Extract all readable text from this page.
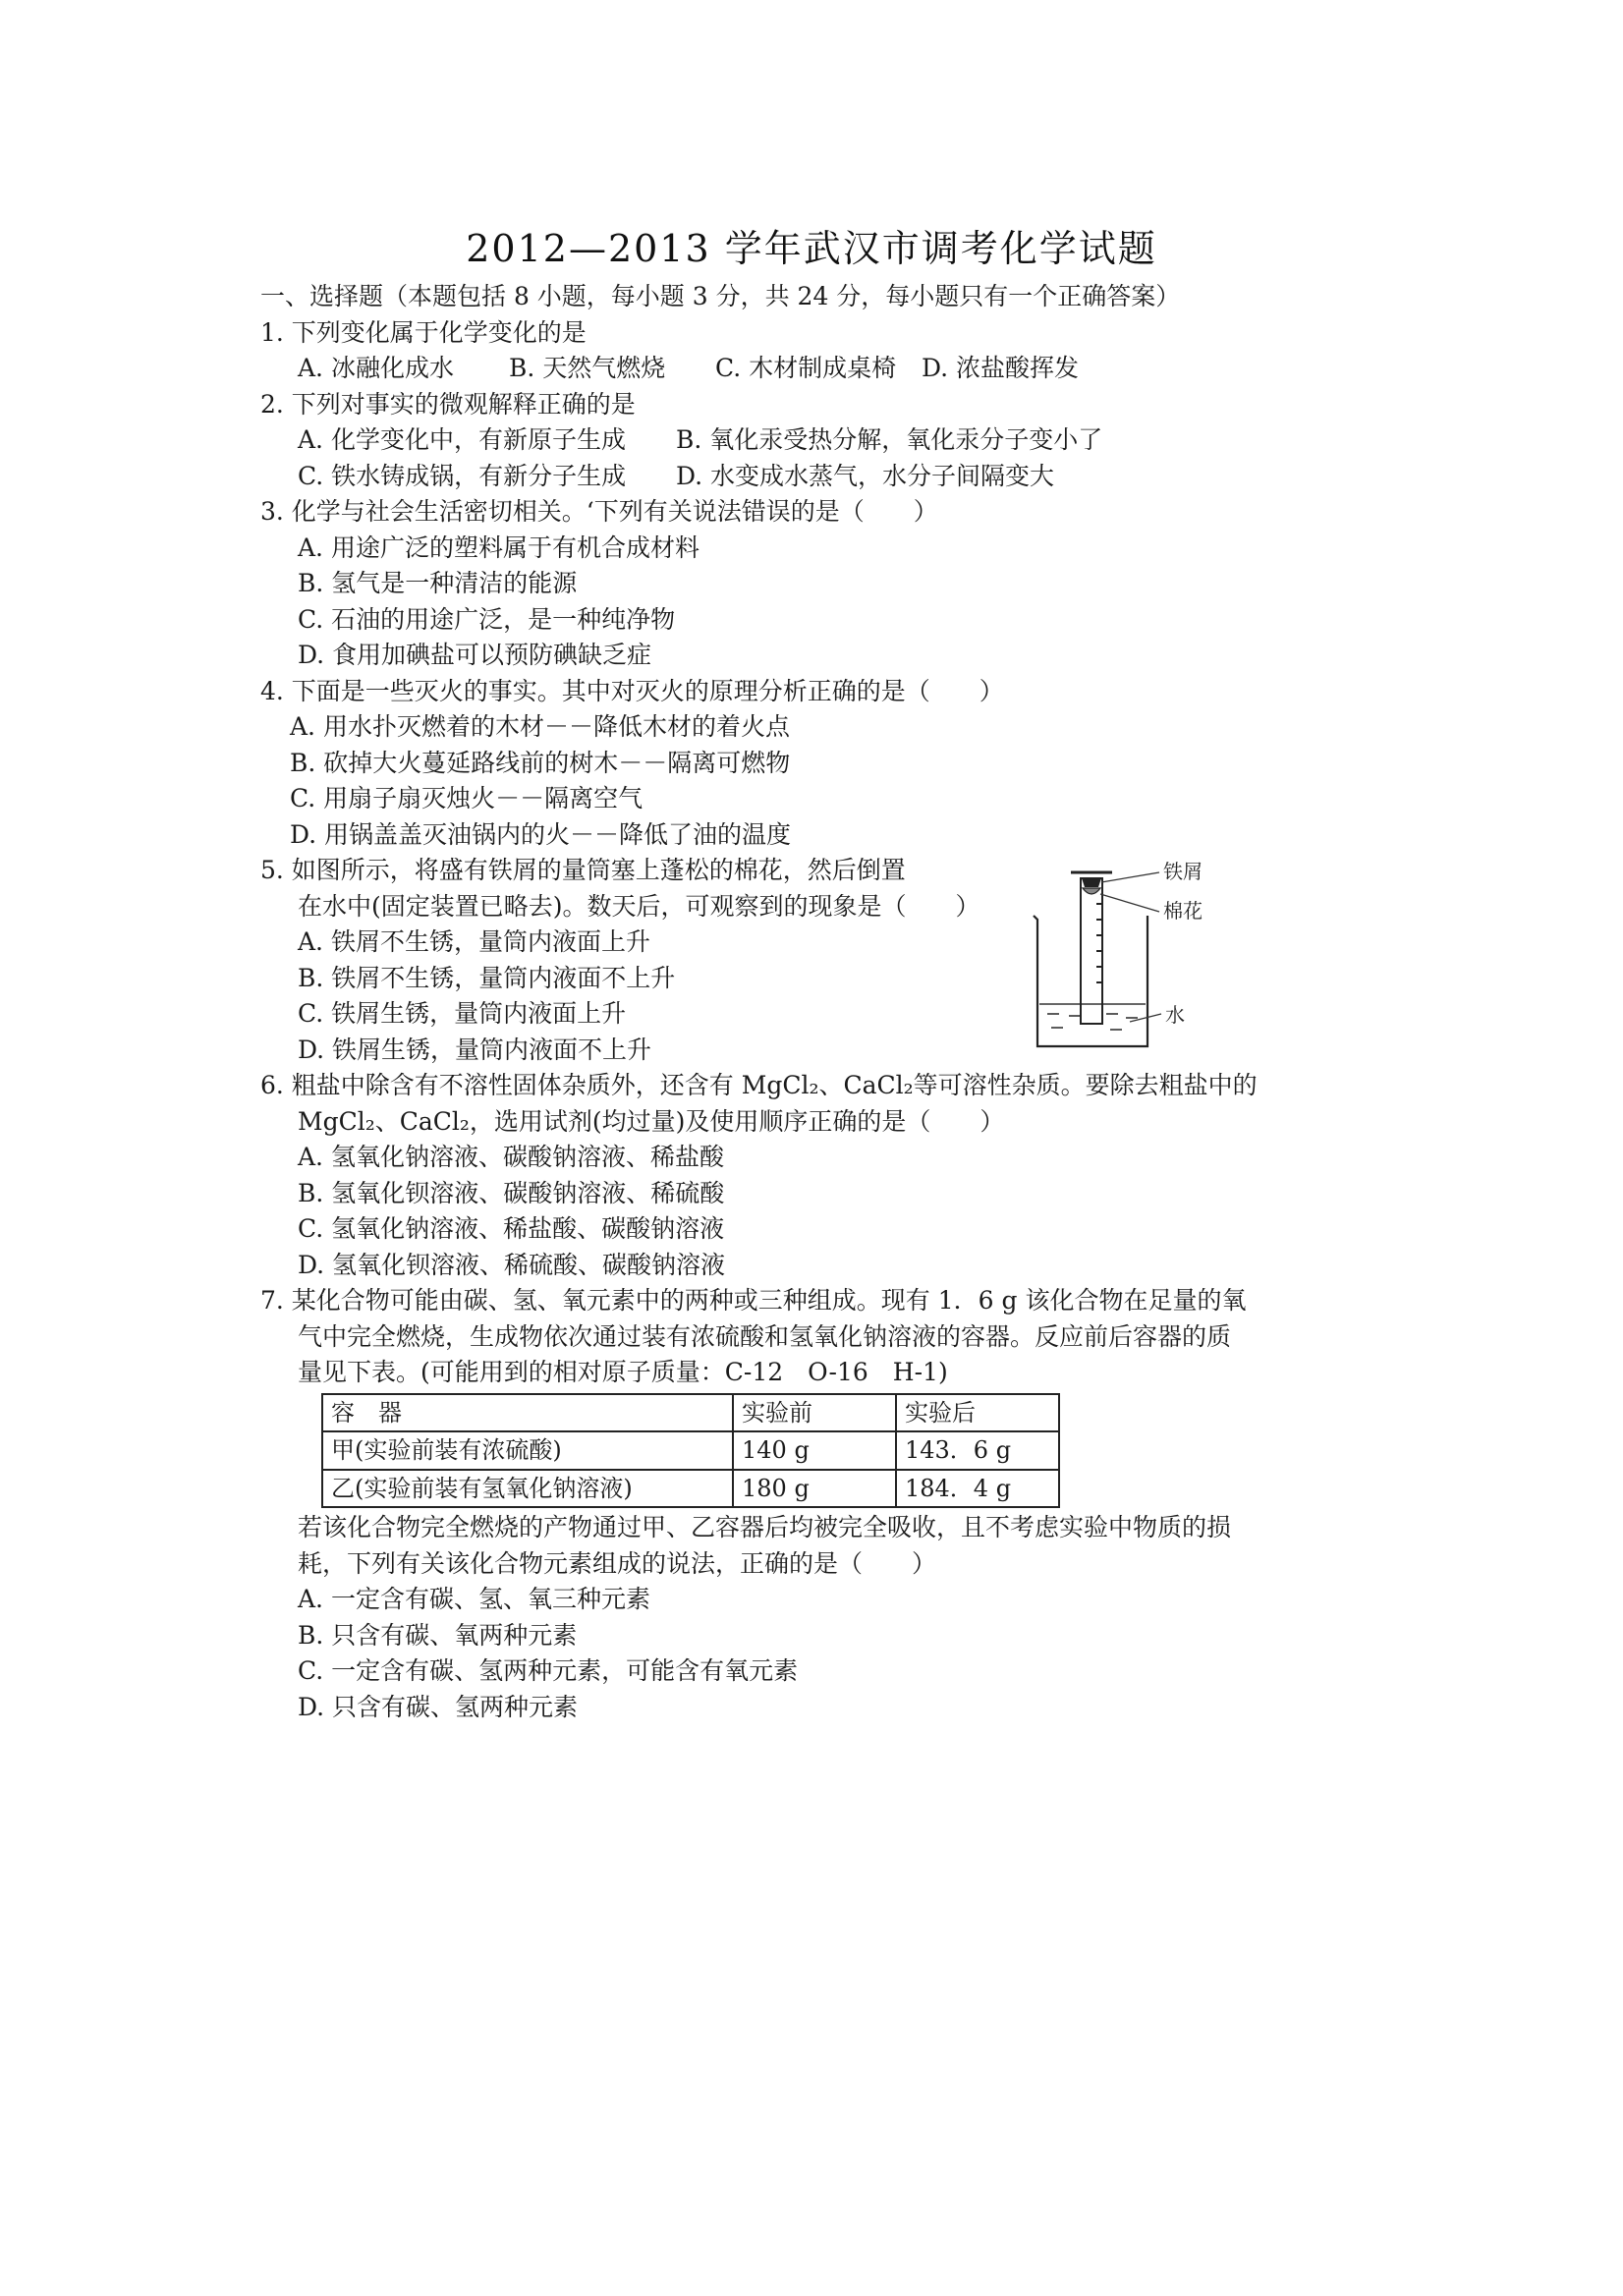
2012—2013 学年武汉市调考化学试题
一、选择题（本题包括 8 小题，每小题 3 分，共 24 分，每小题只有一个正确答案）
1. 下列变化属于化学变化的是
A. 冰融化成水	B. 天然气燃烧	C. 木材制成桌椅	D. 浓盐酸挥发
2. 下列对事实的微观解释正确的是
A. 化学变化中，有新原子生成	B. 氧化汞受热分解，氧化汞分子变小了
C. 铁水铸成锅，有新分子生成	D. 水变成水蒸气，水分子间隔变大
3. 化学与社会生活密切相关。‘下列有关说法错误的是（　　）
A. 用途广泛的塑料属于有机合成材料
B. 氢气是一种清洁的能源
C. 石油的用途广泛，是一种纯净物
D. 食用加碘盐可以预防碘缺乏症
4. 下面是一些灭火的事实。其中对灭火的原理分析正确的是（　　）
A. 用水扑灭燃着的木材－－降低木材的着火点
B. 砍掉大火蔓延路线前的树木－－隔离可燃物
C. 用扇子扇灭烛火－－隔离空气
D. 用锅盖盖灭油锅内的火－－降低了油的温度
5. 如图所示，将盛有铁屑的量筒塞上蓬松的棉花，然后倒置
在水中(固定装置已略去)。数天后，可观察到的现象是（　　）
A. 铁屑不生锈，量筒内液面上升
B. 铁屑不生锈，量筒内液面不上升
C. 铁屑生锈，量筒内液面上升
D. 铁屑生锈，量筒内液面不上升
6. 粗盐中除含有不溶性固体杂质外，还含有 MgCl₂、CaCl₂等可溶性杂质。要除去粗盐中的
MgCl₂、CaCl₂，选用试剂(均过量)及使用顺序正确的是（　　）
A. 氢氧化钠溶液、碳酸钠溶液、稀盐酸
B. 氢氧化钡溶液、碳酸钠溶液、稀硫酸
C. 氢氧化钠溶液、稀盐酸、碳酸钠溶液
D. 氢氧化钡溶液、稀硫酸、碳酸钠溶液
7. 某化合物可能由碳、氢、氧元素中的两种或三种组成。现有 1．6 g 该化合物在足量的氧
气中完全燃烧，生成物依次通过装有浓硫酸和氢氧化钠溶液的容器。反应前后容器的质
量见下表。(可能用到的相对原子质量：C-12　O-16　H-1)
容　器	实验前	实验后
甲(实验前装有浓硫酸)	140 g	143．6 g
乙(实验前装有氢氧化钠溶液)	180 g	184．4 g
若该化合物完全燃烧的产物通过甲、乙容器后均被完全吸收，且不考虑实验中物质的损
耗，下列有关该化合物元素组成的说法，正确的是（　　）
A. 一定含有碳、氢、氧三种元素
B. 只含有碳、氧两种元素
C. 一定含有碳、氢两种元素，可能含有氧元素
D. 只含有碳、氢两种元素
铁屑
棉花
水
